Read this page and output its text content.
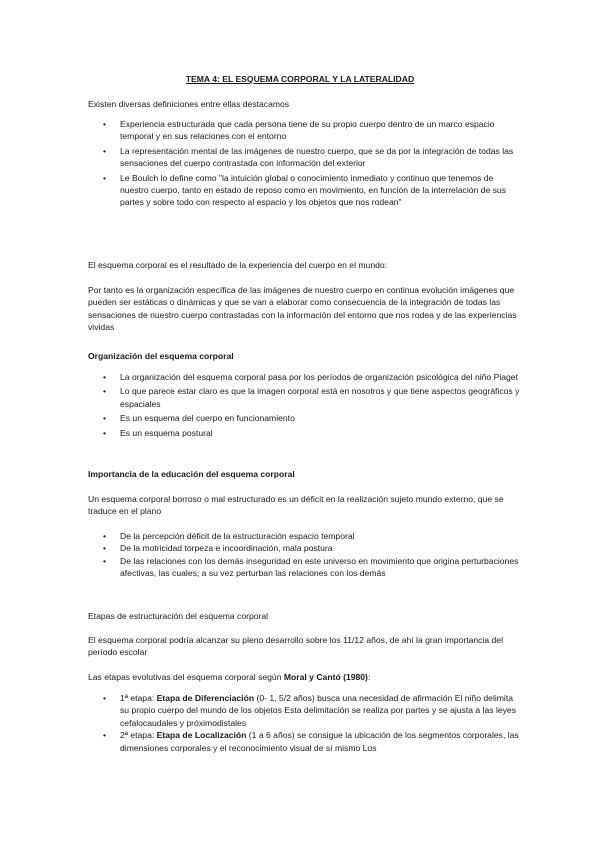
TEMA 4: EL ESQUEMA CORPORAL Y LA LATERALIDAD
Existen diversas definiciones entre ellas destacamos
• Experiencia estructurada que cada persona tiene de su propio cuerpo dentro de un marco espacio temporal y en sus relaciones con el entorno
• La representación mental de las imágenes de nuestro cuerpo, que se da por la integración de todas las sensaciones del cuerpo contrastada con información del exterior
• Le Boulch lo define como "la intuición global o conocimiento inmediato y continuo que tenemos de nuestro cuerpo, tanto en estado de reposo como en movimiento, en función de la interrelación de sus partes y sobre todo con respecto al espacio y los objetos que nos rodean"
El esquema corporal es el resultado de la experiencia del cuerpo en el mundo:
Por tanto es la organización específica de las imágenes de nuestro cuerpo en continua evolución imágenes que pueden ser estáticas o dinámicas y que se van a elaborar como consecuencia de la integración de todas las sensaciones de nuestro cuerpo contrastadas con la información del entorno que nos rodea y de las experiencias vividas
Organización del esquema corporal
• La organización del esquema corporal pasa por los períodos de organización psicológica del niño Piaget
• Lo que parece estar claro es que la imagen corporal está en nosotros y que tiene aspectos geográficos y espaciales
• Es un esquema del cuerpo en funcionamiento
• Es un esquema postural
Importancia de la educación del esquema corporal
Un esquema corporal borroso o mal estructurado es un déficit en la realización sujeto mundo externo, que se traduce en el plano
• De la percepción déficit de la estructuración espacio temporal
• De la motricidad torpeza e incoordinación, mala postura
• De las relaciones con los demás inseguridad en este universo en movimiento que origina perturbaciones afectivas, las cuales, a su vez perturban las relaciones con los demás
Etapas de estructuración del esquema corporal
El esquema corporal podría alcanzar su pleno desarrollo sobre los 11/12 años, de ahí la gran importancia del período escolar
Las etapas evolutivas del esquema corporal según Moral y Cantó (1980):
• 1ª etapa: Etapa de Diferenciación (0- 1, 5/2 años) busca una necesidad de afirmación El niño delimita su propio cuerpo del mundo de los objetos Esta delimitación se realiza por partes y se ajusta a las leyes cefalocaudales y próximodistales
• 2ª etapa: Etapa de Localización (1 a 6 años) se consigue la ubicación de los segmentos corporales, las dimensiones corporales y el reconocimiento visual de sí mismo Los
